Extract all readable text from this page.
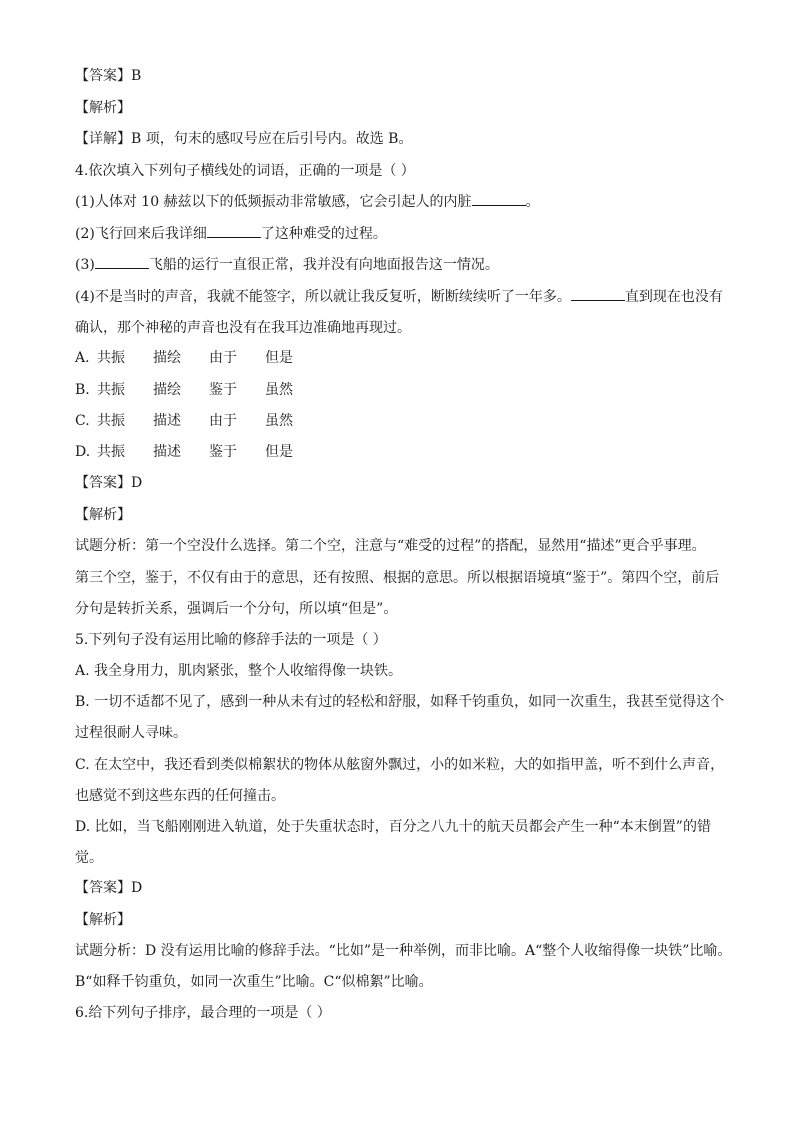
【答案】B
【解析】
【详解】B 项，句末的感叹号应在后引号内。故选 B。
4.依次填入下列句子横线处的词语，正确的一项是（ ）
(1)人体对 10 赫兹以下的低频振动非常敏感，它会引起人的内脏	。
(2)飞行回来后我详细	了这种难受的过程。
(3)	飞船的运行一直很正常，我并没有向地面报告这一情况。
(4)不是当时的声音，我就不能签字，所以就让我反复听，断断续续听了一年多。	直到现在也没有
确认，那个神秘的声音也没有在我耳边准确地再现过。
A. 共振 描绘 由于 但是
B. 共振 描绘 鉴于 虽然
C. 共振 描述 由于 虽然
D. 共振 描述 鉴于 但是
【答案】D
【解析】
试题分析：第一个空没什么选择。第二个空，注意与“难受的过程”的搭配，显然用“描述”更合乎事理。
第三个空，鉴于，不仅有由于的意思，还有按照、根据的意思。所以根据语境填“鉴于”。第四个空，前后
分句是转折关系，强调后一个分句，所以填“但是”。
5.下列句子没有运用比喻的修辞手法的一项是（ ）
A. 我全身用力，肌肉紧张，整个人收缩得像一块铁。
B. 一切不适都不见了，感到一种从未有过的轻松和舒服，如释千钧重负，如同一次重生，我甚至觉得这个
过程很耐人寻味。
C. 在太空中，我还看到类似棉絮状的物体从舷窗外飘过，小的如米粒，大的如指甲盖，听不到什么声音，
也感觉不到这些东西的任何撞击。
D. 比如，当飞船刚刚进入轨道，处于失重状态时，百分之八九十的航天员都会产生一种“本末倒置”的错
觉。
【答案】D
【解析】
试题分析：D 没有运用比喻的修辞手法。“比如”是一种举例，而非比喻。A“整个人收缩得像一块铁”比喻。
B“如释千钧重负，如同一次重生”比喻。C“似棉絮”比喻。
6.给下列句子排序，最合理的一项是（ ）
